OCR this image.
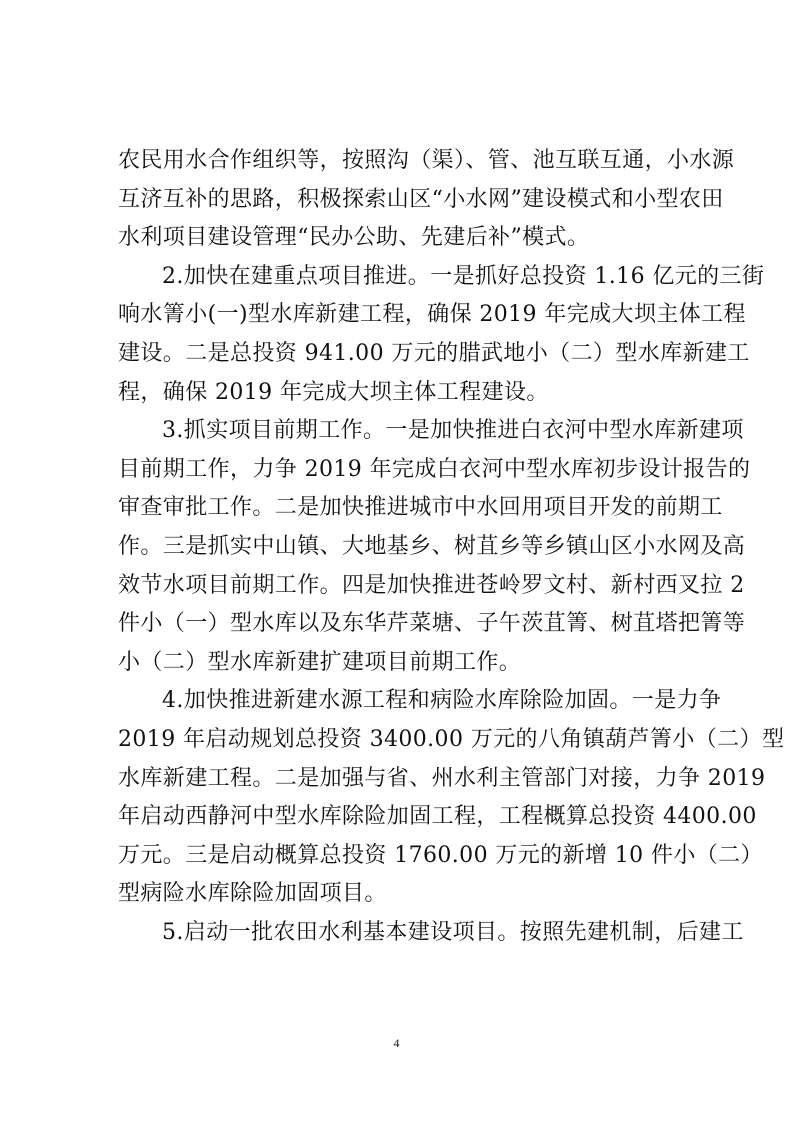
农民用水合作组织等，按照沟（渠）、管、池互联互通，小水源
互济互补的思路，积极探索山区“小水网”建设模式和小型农田
水利项目建设管理“民办公助、先建后补”模式。
2.加快在建重点项目推进。一是抓好总投资 1.16 亿元的三街
响水箐小(一)型水库新建工程，确保 2019 年完成大坝主体工程
建设。二是总投资 941.00 万元的腊武地小（二）型水库新建工
程，确保 2019 年完成大坝主体工程建设。
3.抓实项目前期工作。一是加快推进白衣河中型水库新建项
目前期工作，力争 2019 年完成白衣河中型水库初步设计报告的
审查审批工作。二是加快推进城市中水回用项目开发的前期工
作。三是抓实中山镇、大地基乡、树苴乡等乡镇山区小水网及高
效节水项目前期工作。四是加快推进苍岭罗文村、新村西叉拉 2
件小（一）型水库以及东华芹菜塘、子午茨苴箐、树苴塔把箐等
小（二）型水库新建扩建项目前期工作。
4.加快推进新建水源工程和病险水库除险加固。一是力争
2019 年启动规划总投资 3400.00 万元的八角镇葫芦箐小（二）型
水库新建工程。二是加强与省、州水利主管部门对接，力争 2019
年启动西静河中型水库除险加固工程，工程概算总投资 4400.00
万元。三是启动概算总投资 1760.00 万元的新增 10 件小（二）
型病险水库除险加固项目。
5.启动一批农田水利基本建设项目。按照先建机制，后建工
4
